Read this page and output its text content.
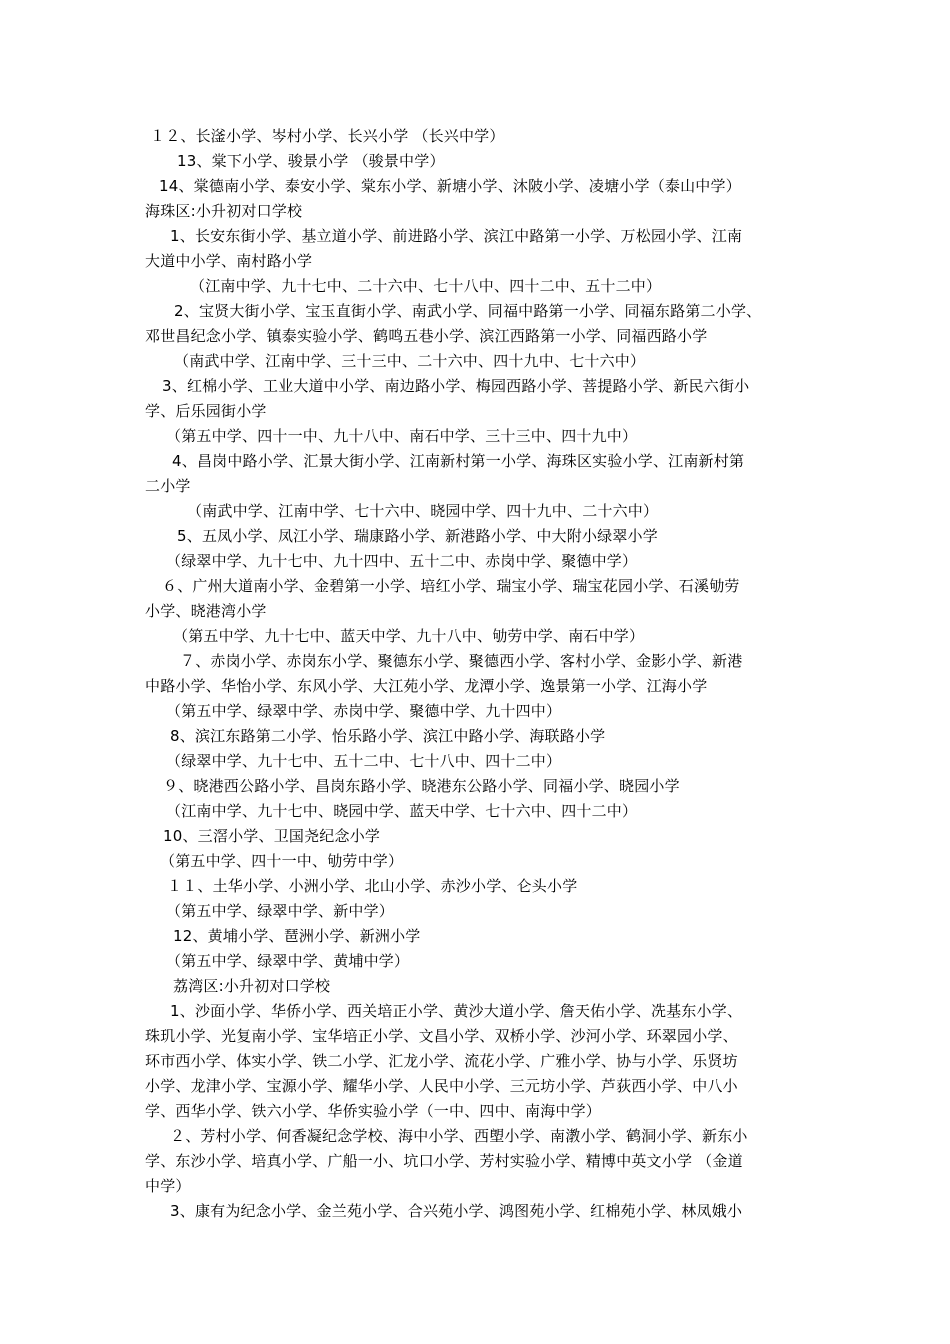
１２、长滏小学、岑村小学、长兴小学 （长兴中学）
13、棠下小学、骏景小学 （骏景中学）
14、棠德南小学、泰安小学、棠东小学、新塘小学、沐陂小学、凌塘小学（泰山中学）
海珠区:小升初对口学校
1、长安东街小学、基立道小学、前进路小学、滨江中路第一小学、万松园小学、江南
大道中小学、南村路小学
（江南中学、九十七中、二十六中、七十八中、四十二中、五十二中）
2、宝贤大街小学、宝玉直街小学、南武小学、同福中路第一小学、同福东路第二小学、
邓世昌纪念小学、镇泰实验小学、鹤鸣五巷小学、滨江西路第一小学、同福西路小学
（南武中学、江南中学、三十三中、二十六中、四十九中、七十六中）
3、红棉小学、工业大道中小学、南边路小学、梅园西路小学、菩提路小学、新民六街小
学、后乐园街小学
（第五中学、四十一中、九十八中、南石中学、三十三中、四十九中）
4、昌岗中路小学、汇景大街小学、江南新村第一小学、海珠区实验小学、江南新村第
二小学
（南武中学、江南中学、七十六中、晓园中学、四十九中、二十六中）
5、五凤小学、凤江小学、瑞康路小学、新港路小学、中大附小绿翠小学
（绿翠中学、九十七中、九十四中、五十二中、赤岗中学、聚德中学）
６、广州大道南小学、金碧第一小学、培红小学、瑞宝小学、瑞宝花园小学、石溪劬劳
小学、晓港湾小学
（第五中学、九十七中、蓝天中学、九十八中、劬劳中学、南石中学）
７、赤岗小学、赤岗东小学、聚德东小学、聚德西小学、客村小学、金影小学、新港
中路小学、华怡小学、东风小学、大江苑小学、龙潭小学、逸景第一小学、江海小学
（第五中学、绿翠中学、赤岗中学、聚德中学、九十四中）
8、滨江东路第二小学、怡乐路小学、滨江中路小学、海联路小学
（绿翠中学、九十七中、五十二中、七十八中、四十二中）
９、晓港西公路小学、昌岗东路小学、晓港东公路小学、同福小学、晓园小学
（江南中学、九十七中、晓园中学、蓝天中学、七十六中、四十二中）
10、三滘小学、卫国尧纪念小学
（第五中学、四十一中、劬劳中学）
１１、土华小学、小洲小学、北山小学、赤沙小学、仑头小学
（第五中学、绿翠中学、新中学）
12、黄埔小学、琶洲小学、新洲小学
（第五中学、绿翠中学、黄埔中学）
荔湾区:小升初对口学校
1、沙面小学、华侨小学、西关培正小学、黄沙大道小学、詹天佑小学、冼基东小学、
珠玑小学、光复南小学、宝华培正小学、文昌小学、双桥小学、沙河小学、环翠园小学、
环市西小学、体实小学、铁二小学、汇龙小学、流花小学、广雅小学、协与小学、乐贤坊
小学、龙津小学、宝源小学、耀华小学、人民中小学、三元坊小学、芦荻西小学、中八小
学、西华小学、铁六小学、华侨实验小学（一中、四中、南海中学）
２、芳村小学、何香凝纪念学校、海中小学、西塱小学、南漖小学、鹤洞小学、新东小
学、东沙小学、培真小学、广船一小、坑口小学、芳村实验小学、精博中英文小学 （金道
中学）
3、康有为纪念小学、金兰苑小学、合兴苑小学、鸿图苑小学、红棉苑小学、林凤娥小
